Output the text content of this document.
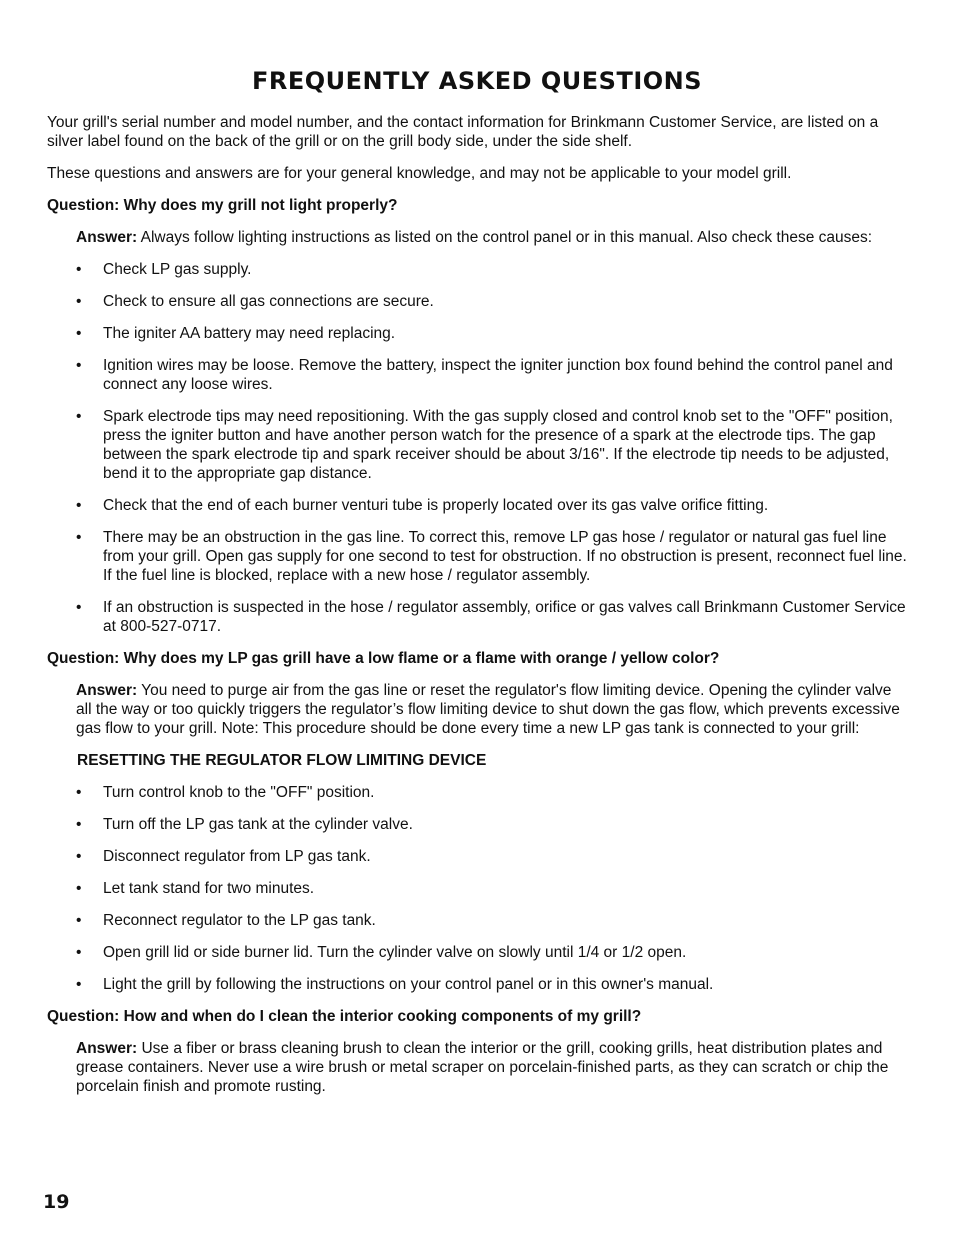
FREQUENTLY ASKED QUESTIONS

Your grill's serial number and model number, and the contact information for Brinkmann Customer Service, are listed on a silver label found on the back of the grill or on the grill body side, under the side shelf.

These questions and answers are for your general knowledge, and may not be applicable to your model grill.

Question: Why does my grill not light properly?

Answer: Always follow lighting instructions as listed on the control panel or in this manual. Also check these causes:

• Check LP gas supply.
• Check to ensure all gas connections are secure.
• The igniter AA battery may need replacing.
• Ignition wires may be loose. Remove the battery, inspect the igniter junction box found behind the control panel and connect any loose wires.
• Spark electrode tips may need repositioning. With the gas supply closed and control knob set to the "OFF" position, press the igniter button and have another person watch for the presence of a spark at the electrode tips. The gap between the spark electrode tip and spark receiver should be about 3/16". If the electrode tip needs to be adjusted, bend it to the appropriate gap distance.
• Check that the end of each burner venturi tube is properly located over its gas valve orifice fitting.
• There may be an obstruction in the gas line. To correct this, remove LP gas hose / regulator or natural gas fuel line from your grill. Open gas supply for one second to test for obstruction. If no obstruction is present, reconnect fuel line. If the fuel line is blocked, replace with a new hose / regulator assembly.
• If an obstruction is suspected in the hose / regulator assembly, orifice or gas valves call Brinkmann Customer Service at 800-527-0717.

Question: Why does my LP gas grill have a low flame or a flame with orange / yellow color?

Answer: You need to purge air from the gas line or reset the regulator's flow limiting device. Opening the cylinder valve all the way or too quickly triggers the regulator’s flow limiting device to shut down the gas flow, which prevents excessive gas flow to your grill. Note: This procedure should be done every time a new LP gas tank is connected to your grill:

RESETTING THE REGULATOR FLOW LIMITING DEVICE

• Turn control knob to the "OFF" position.
• Turn off the LP gas tank at the cylinder valve.
• Disconnect regulator from LP gas tank.
• Let tank stand for two minutes.
• Reconnect regulator to the LP gas tank.
• Open grill lid or side burner lid. Turn the cylinder valve on slowly until 1/4 or 1/2 open.
• Light the grill by following the instructions on your control panel or in this owner's manual.

Question: How and when do I clean the interior cooking components of my grill?

Answer: Use a fiber or brass cleaning brush to clean the interior or the grill, cooking grills, heat distribution plates and grease containers. Never use a wire brush or metal scraper on porcelain-finished parts, as they can scratch or chip the porcelain finish and promote rusting.

19
